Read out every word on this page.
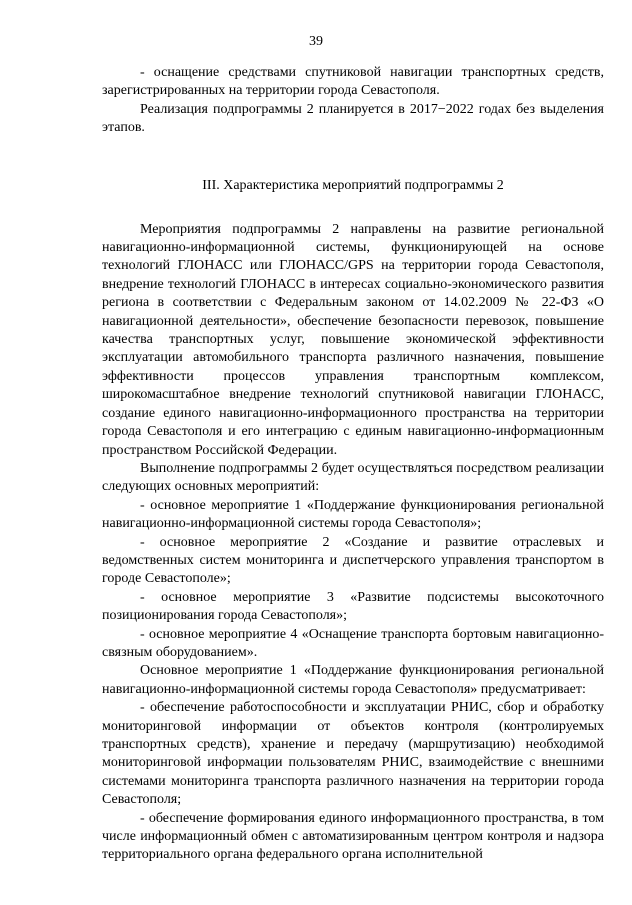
39

- оснащение средствами спутниковой навигации транспортных средств, зарегистрированных на территории города Севастополя.

Реализация подпрограммы 2 планируется в 2017−2022 годах без выделения этапов.

III. Характеристика мероприятий подпрограммы 2

Мероприятия подпрограммы 2 направлены на развитие региональной навигационно-информационной системы, функционирующей на основе технологий ГЛОНАСС или ГЛОНАСС/GPS на территории города Севастополя, внедрение технологий ГЛОНАСС в интересах социально-экономического развития региона в соответствии с Федеральным законом от 14.02.2009 № 22-ФЗ «О навигационной деятельности», обеспечение безопасности перевозок, повышение качества транспортных услуг, повышение экономической эффективности эксплуатации автомобильного транспорта различного назначения, повышение эффективности процессов управления транспортным комплексом, широкомасштабное внедрение технологий спутниковой навигации ГЛОНАСС, создание единого навигационно-информационного пространства на территории города Севастополя и его интеграцию с единым навигационно-информационным пространством Российской Федерации.

Выполнение подпрограммы 2 будет осуществляться посредством реализации следующих основных мероприятий:

- основное мероприятие 1 «Поддержание функционирования региональной навигационно-информационной системы города Севастополя»;

- основное мероприятие 2 «Создание и развитие отраслевых и ведомственных систем мониторинга и диспетчерского управления транспортом в городе Севастополе»;

- основное мероприятие 3 «Развитие подсистемы высокоточного позиционирования города Севастополя»;

- основное мероприятие 4 «Оснащение транспорта бортовым навигационно-связным оборудованием».

Основное мероприятие 1 «Поддержание функционирования региональной навигационно-информационной системы города Севастополя» предусматривает:

- обеспечение работоспособности и эксплуатации РНИС, сбор и обработку мониторинговой информации от объектов контроля (контролируемых транспортных средств), хранение и передачу (маршрутизацию) необходимой мониторинговой информации пользователям РНИС, взаимодействие с внешними системами мониторинга транспорта различного назначения на территории города Севастополя;

- обеспечение формирования единого информационного пространства, в том числе информационный обмен с автоматизированным центром контроля и надзора территориального органа федерального органа исполнительной
